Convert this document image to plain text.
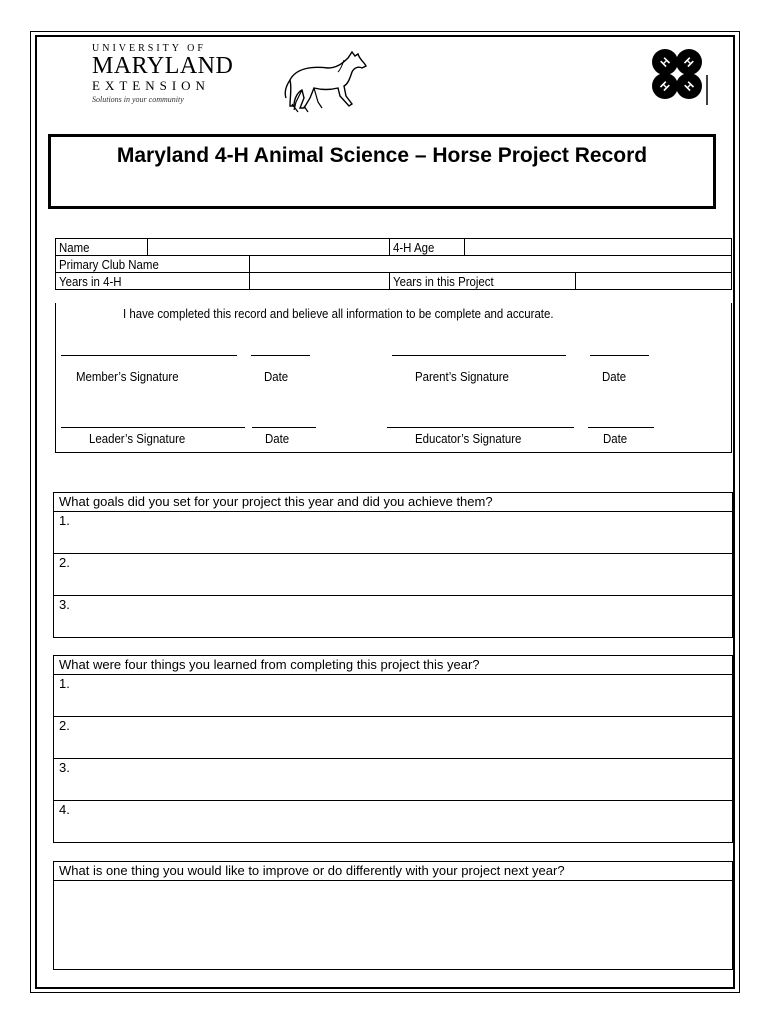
UNIVERSITY OF
MARYLAND
EXTENSION
Solutions in your community
H H
H H
Maryland 4-H Animal Science – Horse Project Record
Name			4-H Age		
Primary Club Name					
Years in 4-H			Years in this Project		
I have completed this record and believe all information to be complete and accurate.
Member’s Signature	Date	Parent’s Signature	Date
Leader’s Signature	Date	Educator’s Signature	Date
What goals did you set for your project this year and did you achieve them?
1.
2.
3.
What were four things you learned from completing this project this year?
1.
2.
3.
4.
What is one thing you would like to improve or do differently with your project next year?
